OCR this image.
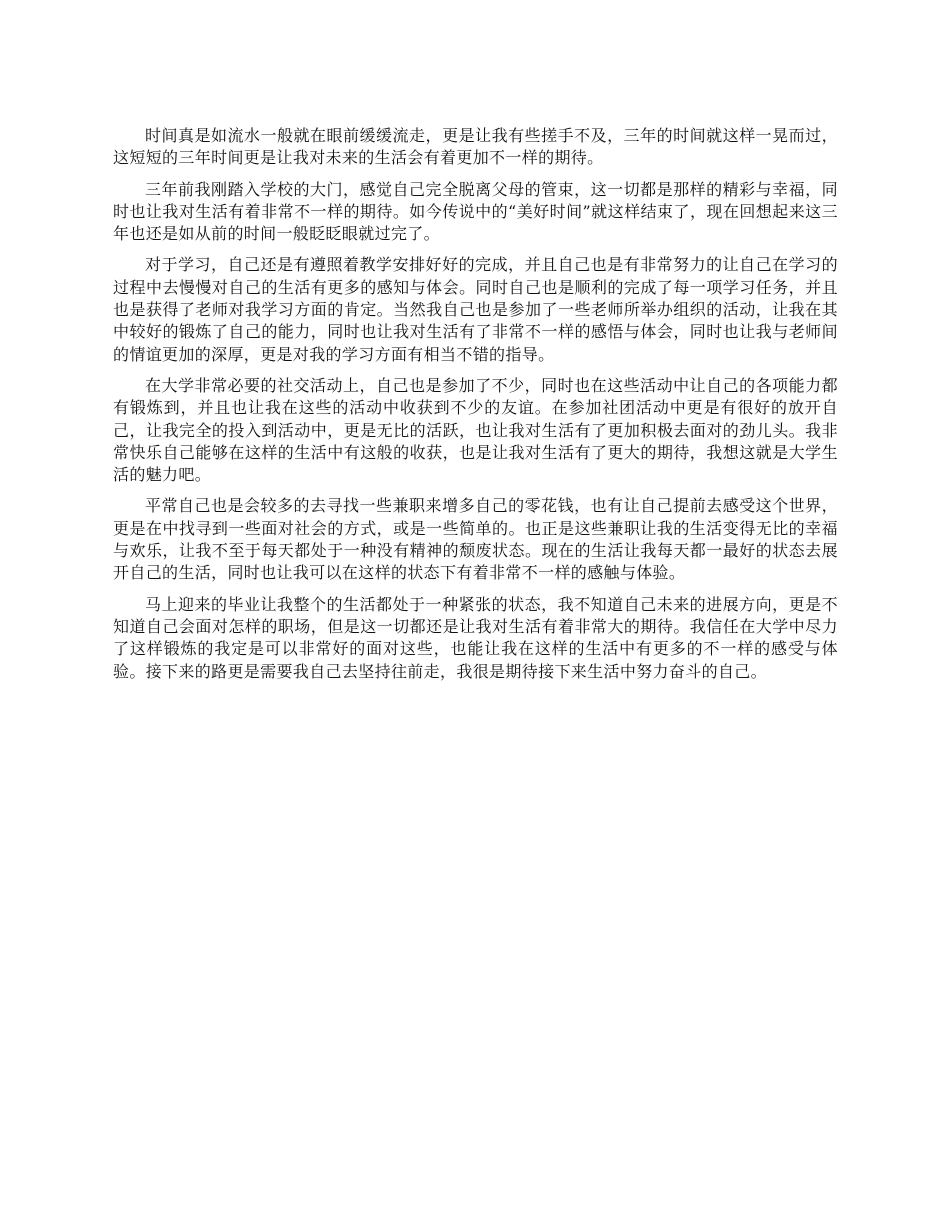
时间真是如流水一般就在眼前缓缓流走，更是让我有些搓手不及，三年的时间就这样一晃而过，这短短的三年时间更是让我对未来的生活会有着更加不一样的期待。

三年前我刚踏入学校的大门，感觉自己完全脱离父母的管束，这一切都是那样的精彩与幸福，同时也让我对生活有着非常不一样的期待。如今传说中的“美好时间”就这样结束了，现在回想起来这三年也还是如从前的时间一般眨眨眼就过完了。

对于学习，自己还是有遵照着教学安排好好的完成，并且自己也是有非常努力的让自己在学习的过程中去慢慢对自己的生活有更多的感知与体会。同时自己也是顺利的完成了每一项学习任务，并且也是获得了老师对我学习方面的肯定。当然我自己也是参加了一些老师所举办组织的活动，让我在其中较好的锻炼了自己的能力，同时也让我对生活有了非常不一样的感悟与体会，同时也让我与老师间的情谊更加的深厚，更是对我的学习方面有相当不错的指导。

在大学非常必要的社交活动上，自己也是参加了不少，同时也在这些活动中让自己的各项能力都有锻炼到，并且也让我在这些的活动中收获到不少的友谊。在参加社团活动中更是有很好的放开自己，让我完全的投入到活动中，更是无比的活跃，也让我对生活有了更加积极去面对的劲儿头。我非常快乐自己能够在这样的生活中有这般的收获，也是让我对生活有了更大的期待，我想这就是大学生活的魅力吧。

平常自己也是会较多的去寻找一些兼职来增多自己的零花钱，也有让自己提前去感受这个世界，更是在中找寻到一些面对社会的方式，或是一些简单的。也正是这些兼职让我的生活变得无比的幸福与欢乐，让我不至于每天都处于一种没有精神的颓废状态。现在的生活让我每天都一最好的状态去展开自己的生活，同时也让我可以在这样的状态下有着非常不一样的感触与体验。

马上迎来的毕业让我整个的生活都处于一种紧张的状态，我不知道自己未来的进展方向，更是不知道自己会面对怎样的职场，但是这一切都还是让我对生活有着非常大的期待。我信任在大学中尽力了这样锻炼的我定是可以非常好的面对这些，也能让我在这样的生活中有更多的不一样的感受与体验。接下来的路更是需要我自己去坚持往前走，我很是期待接下来生活中努力奋斗的自己。
